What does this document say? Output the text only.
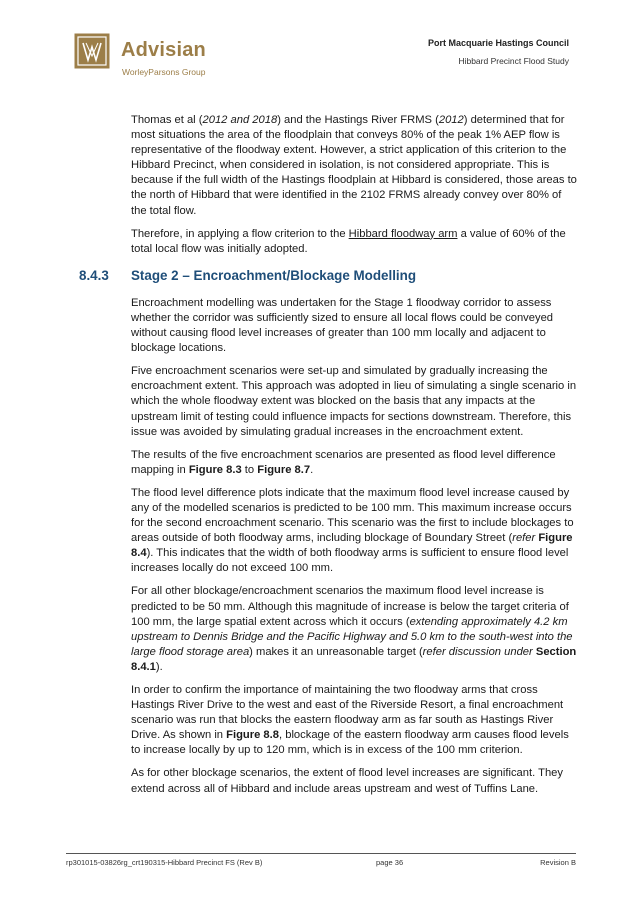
Advisian
WorleyParsons Group
Port Macquarie Hastings Council
Hibbard Precinct Flood Study

Thomas et al (2012 and 2018) and the Hastings River FRMS (2012) determined that for most situations the area of the floodplain that conveys 80% of the peak 1% AEP flow is representative of the floodway extent. However, a strict application of this criterion to the Hibbard Precinct, when considered in isolation, is not considered appropriate. This is because if the full width of the Hastings floodplain at Hibbard is considered, those areas to the north of Hibbard that were identified in the 2102 FRMS already convey over 80% of the total flow.

Therefore, in applying a flow criterion to the Hibbard floodway arm a value of 60% of the total local flow was initially adopted.

8.4.3 Stage 2 – Encroachment/Blockage Modelling

Encroachment modelling was undertaken for the Stage 1 floodway corridor to assess whether the corridor was sufficiently sized to ensure all local flows could be conveyed without causing flood level increases of greater than 100 mm locally and adjacent to blockage locations.

Five encroachment scenarios were set-up and simulated by gradually increasing the encroachment extent. This approach was adopted in lieu of simulating a single scenario in which the whole floodway extent was blocked on the basis that any impacts at the upstream limit of testing could influence impacts for sections downstream. Therefore, this issue was avoided by simulating gradual increases in the encroachment extent.

The results of the five encroachment scenarios are presented as flood level difference mapping in Figure 8.3 to Figure 8.7.

The flood level difference plots indicate that the maximum flood level increase caused by any of the modelled scenarios is predicted to be 100 mm. This maximum increase occurs for the second encroachment scenario. This scenario was the first to include blockages to areas outside of both floodway arms, including blockage of Boundary Street (refer Figure 8.4). This indicates that the width of both floodway arms is sufficient to ensure flood level increases locally do not exceed 100 mm.

For all other blockage/encroachment scenarios the maximum flood level increase is predicted to be 50 mm. Although this magnitude of increase is below the target criteria of 100 mm, the large spatial extent across which it occurs (extending approximately 4.2 km upstream to Dennis Bridge and the Pacific Highway and 5.0 km to the south-west into the large flood storage area) makes it an unreasonable target (refer discussion under Section 8.4.1).

In order to confirm the importance of maintaining the two floodway arms that cross Hastings River Drive to the west and east of the Riverside Resort, a final encroachment scenario was run that blocks the eastern floodway arm as far south as Hastings River Drive. As shown in Figure 8.8, blockage of the eastern floodway arm causes flood levels to increase locally by up to 120 mm, which is in excess of the 100 mm criterion.

As for other blockage scenarios, the extent of flood level increases are significant. They extend across all of Hibbard and include areas upstream and west of Tuffins Lane.

rp301015-03826rg_crt190315-Hibbard Precinct FS (Rev B)	page 36	Revision B
